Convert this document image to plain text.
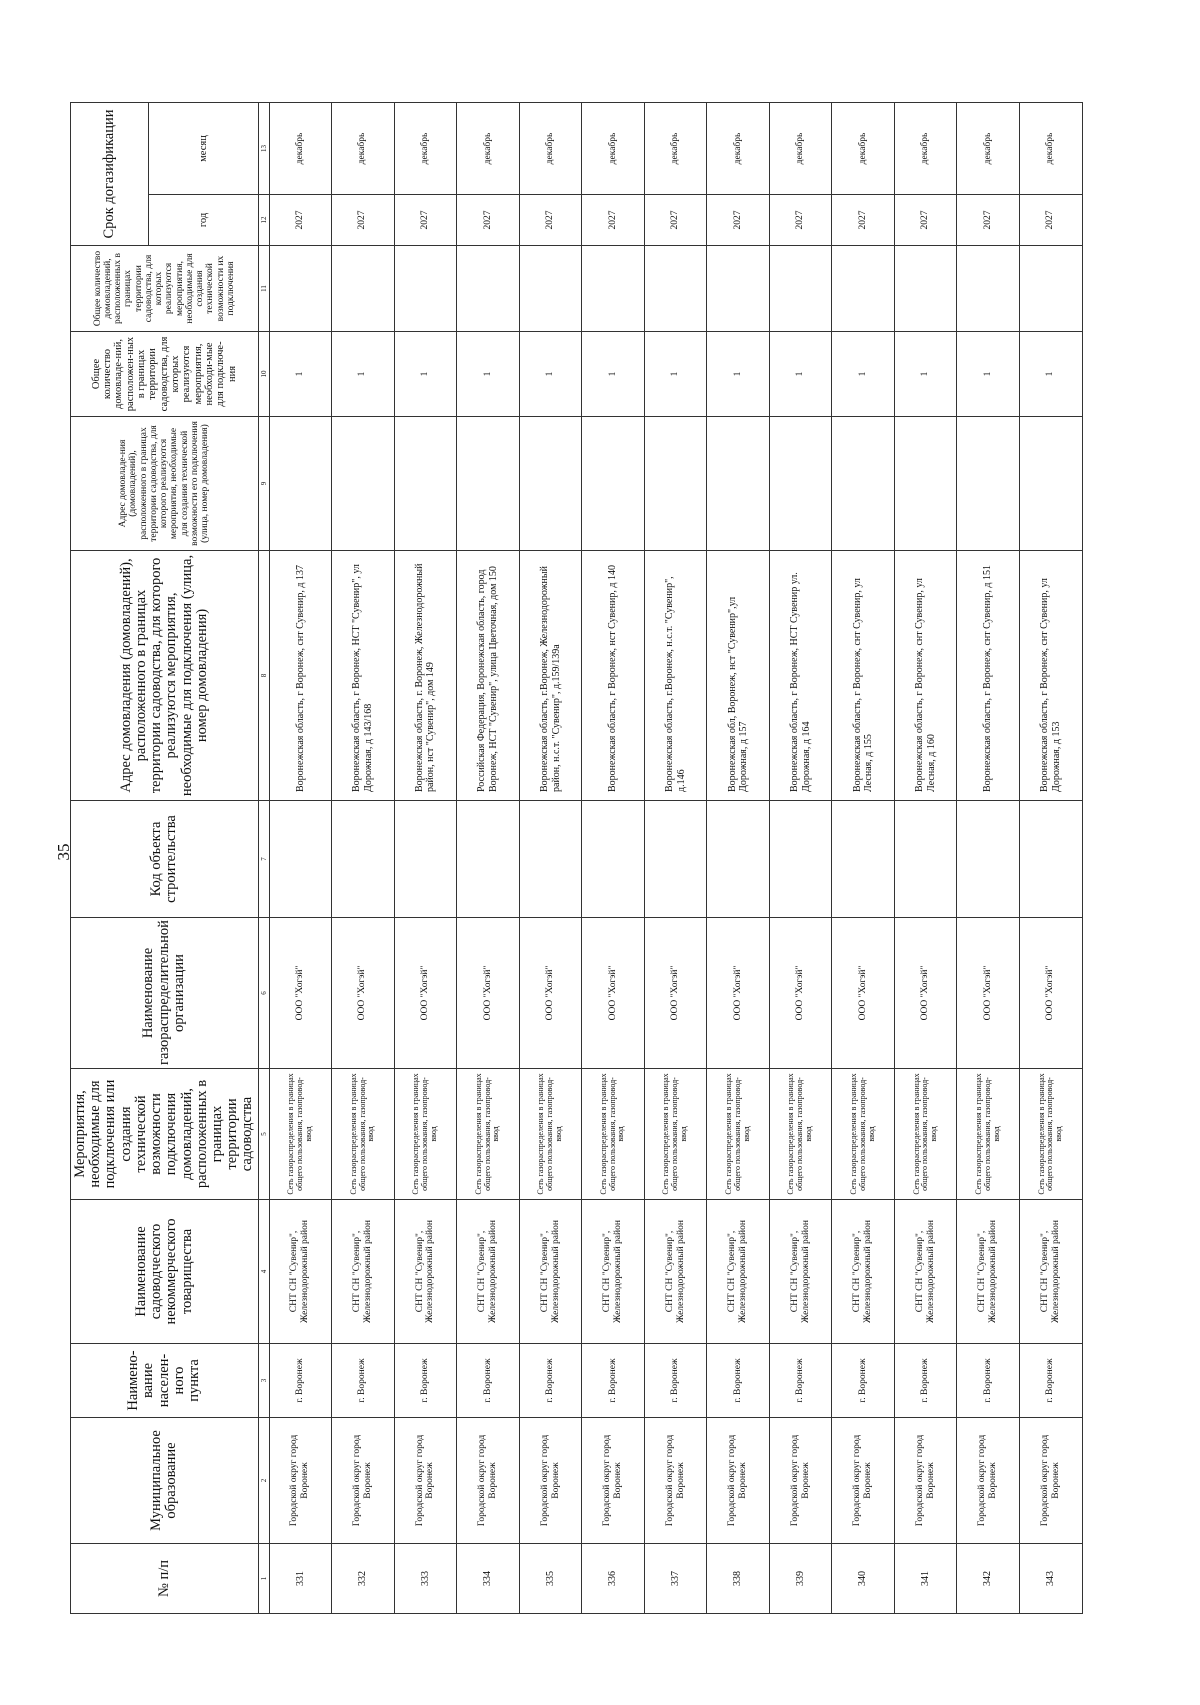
35
№ п/п	Муниципальное образование	Наимено-вание населен-ного пункта	Наименование садоводческого некоммерческого товарищества	Мероприятия, необходимые для подключения или создания технической возможности подключения домовладений, расположенных в границах территории садоводства	Наименование газораспределительной организации	Код объекта строительства	Адрес домовладения (домовладений), расположенного в границах территории садоводства, для которого реализуются мероприятия, необходимые для подключения (улица, номер домовладения)	Адрес домовладе-ния (домовладений), расположенного в границах территории садоводства, для которого реализуются мероприятия, необходимые для создания технической возможности его подключения (улица, номер домовладения)	Общее количество домовладе-ний, расположен-ных в границах территории садоводства, для которых реализуются мероприятия, необходи-мые для подключе-ния	Общее количество домовладений, расположенных в границах территории садоводства, для которых реализуются мероприятия, необходимые для создания технической возможности их подключения	Срок догазификации	
											год	месяц
1	2	3	4	5	6	7	8	9	10	11	12	13
331	Городской округ город Воронеж	г. Воронеж	СНТ СН "Сувенир", Железнодорожный район	Сеть газораспределения в границах общего пользования, газопровод-ввод	ООО "Хогэй"		Воронежская область, г Воронеж, снт Сувенир, д 137		1		2027	декабрь
332	Городской округ город Воронеж	г. Воронеж	СНТ СН "Сувенир", Железнодорожный район	Сеть газораспределения в границах общего пользования, газопровод-ввод	ООО "Хогэй"		Воронежская область, г Воронеж, НСТ "Сувенир", ул Дорожная, д 143/168		1		2027	декабрь
333	Городской округ город Воронеж	г. Воронеж	СНТ СН "Сувенир", Железнодорожный район	Сеть газораспределения в границах общего пользования, газопровод-ввод	ООО "Хогэй"		Воронежская область, г. Воронеж, Железнодорожный район, нст "Сувенир", дом 149		1		2027	декабрь
334	Городской округ город Воронеж	г. Воронеж	СНТ СН "Сувенир", Железнодорожный район	Сеть газораспределения в границах общего пользования, газопровод-ввод	ООО "Хогэй"		Российская Федерация, Воронежская область, город Воронеж, НСТ "Сувенир", улица Цветочная, дом 150		1		2027	декабрь
335	Городской округ город Воронеж	г. Воронеж	СНТ СН "Сувенир", Железнодорожный район	Сеть газораспределения в границах общего пользования, газопровод-ввод	ООО "Хогэй"		Воронежская область, г.Воронеж, Железнодорожный район, н.с.т. "Сувенир", д.159/139а		1		2027	декабрь
336	Городской округ город Воронеж	г. Воронеж	СНТ СН "Сувенир", Железнодорожный район	Сеть газораспределения в границах общего пользования, газопровод-ввод	ООО "Хогэй"		Воронежская область, г Воронеж, нст Сувенир, д 140		1		2027	декабрь
337	Городской округ город Воронеж	г. Воронеж	СНТ СН "Сувенир", Железнодорожный район	Сеть газораспределения в границах общего пользования, газопровод-ввод	ООО "Хогэй"		Воронежская область, г.Воронеж, н.с.т. "Сувенир", д.146		1		2027	декабрь
338	Городской округ город Воронеж	г. Воронеж	СНТ СН "Сувенир", Железнодорожный район	Сеть газораспределения в границах общего пользования, газопровод-ввод	ООО "Хогэй"		Воронежская обл, Воронеж, нст "Сувенир",ул Дорожная, д 157		1		2027	декабрь
339	Городской округ город Воронеж	г. Воронеж	СНТ СН "Сувенир", Железнодорожный район	Сеть газораспределения в границах общего пользования, газопровод-ввод	ООО "Хогэй"		Воронежская область, г Воронеж, НСТ Сувенир ул. Дорожная, д 164		1		2027	декабрь
340	Городской округ город Воронеж	г. Воронеж	СНТ СН "Сувенир", Железнодорожный район	Сеть газораспределения в границах общего пользования, газопровод-ввод	ООО "Хогэй"		Воронежская область, г Воронеж, снт Сувенир, ул Лесная, д 155		1		2027	декабрь
341	Городской округ город Воронеж	г. Воронеж	СНТ СН "Сувенир", Железнодорожный район	Сеть газораспределения в границах общего пользования, газопровод-ввод	ООО "Хогэй"		Воронежская область, г Воронеж, снт Сувенир, ул Лесная, д 160		1		2027	декабрь
342	Городской округ город Воронеж	г. Воронеж	СНТ СН "Сувенир", Железнодорожный район	Сеть газораспределения в границах общего пользования, газопровод-ввод	ООО "Хогэй"		Воронежская область, г Воронеж, снт Сувенир, д 151		1		2027	декабрь
343	Городской округ город Воронеж	г. Воронеж	СНТ СН "Сувенир", Железнодорожный район	Сеть газораспределения в границах общего пользования, газопровод-ввод	ООО "Хогэй"		Воронежская область, г Воронеж, снт Сувенир, ул Дорожная, д 153		1		2027	декабрь
